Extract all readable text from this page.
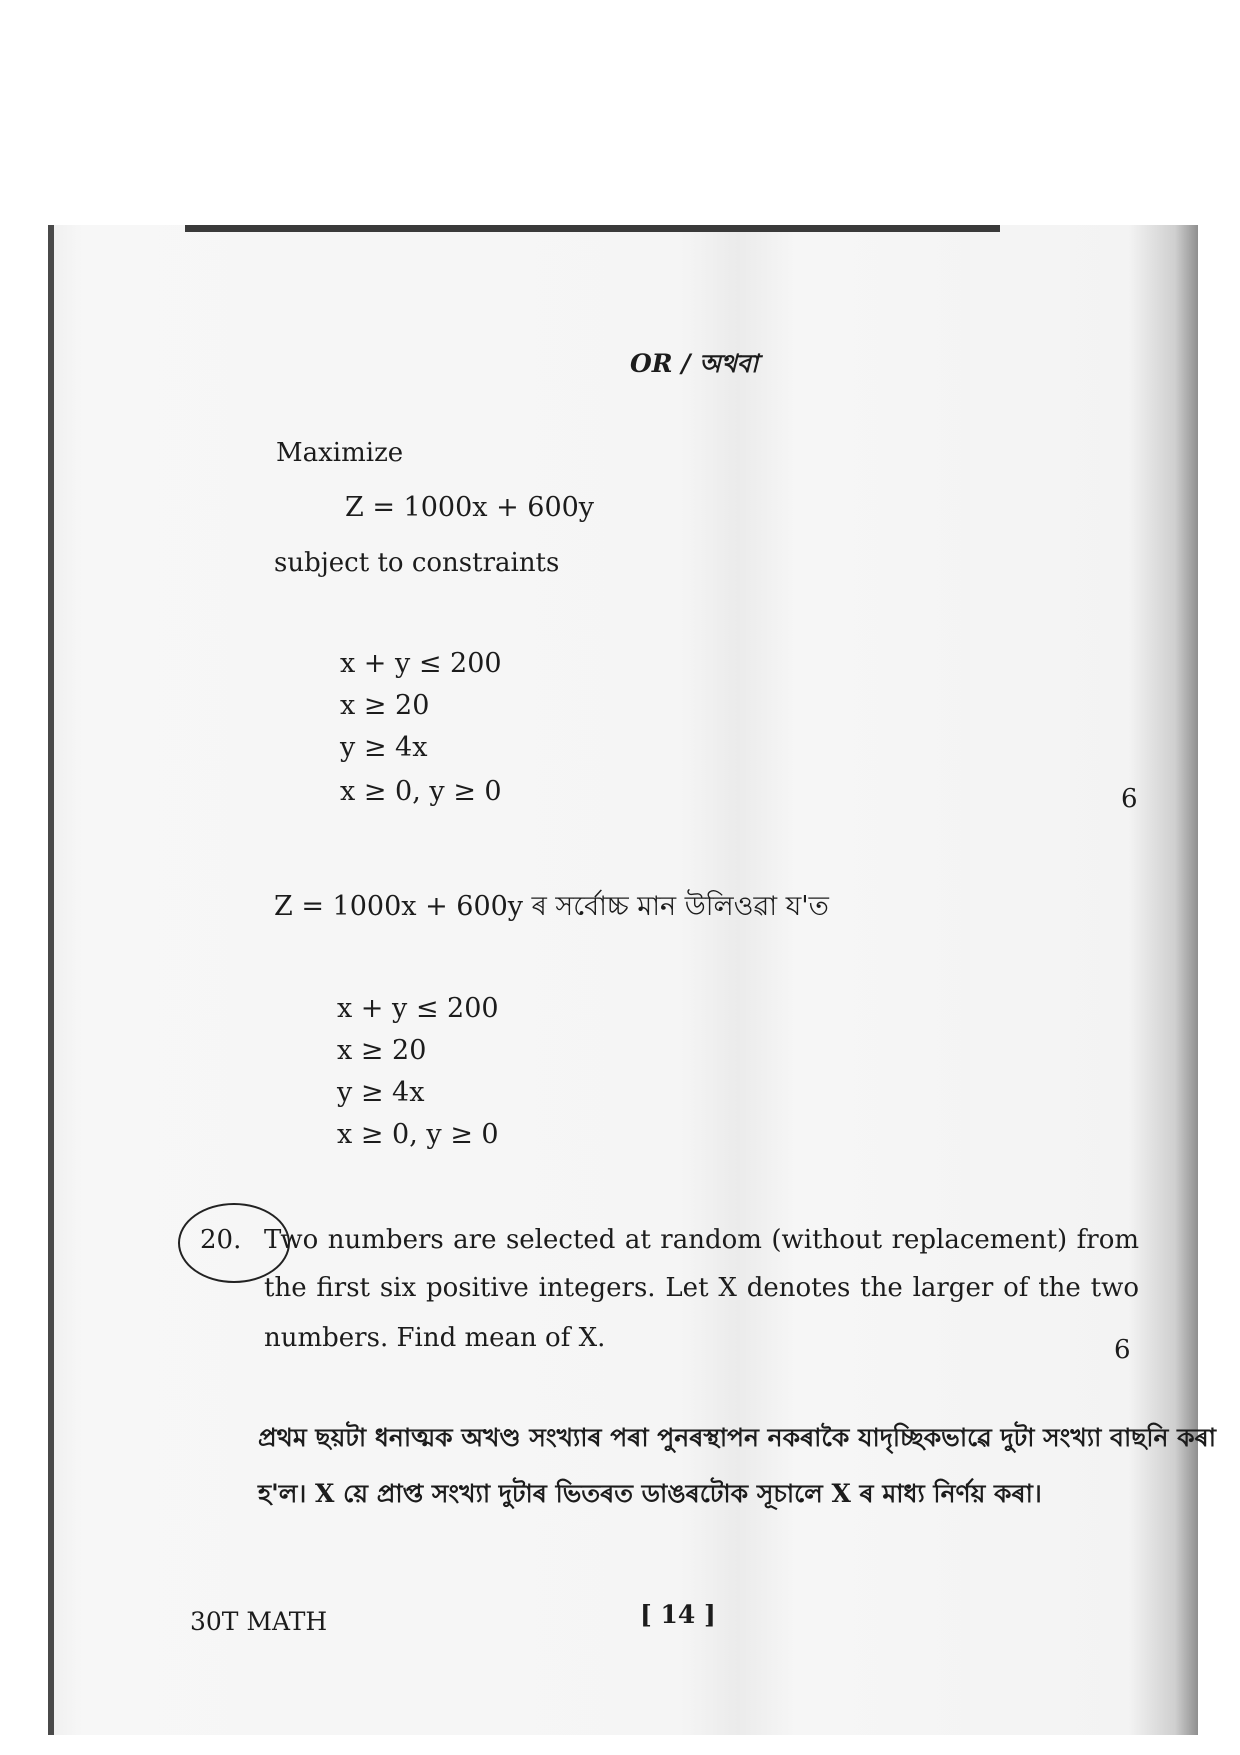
OR / অথবা
Maximize
Z = 1000x + 600y
subject to constraints
x + y ≤ 200
x ≥ 20
y ≥ 4x
x ≥ 0, y ≥ 0	6
Z = 1000x + 600y ৰ সৰ্বোচ্চ মান উলিওৱা য'ত
x + y ≤ 200
x ≥ 20
y ≥ 4x
x ≥ 0, y ≥ 0
20. Two numbers are selected at random (without replacement) from
the first six positive integers. Let X denotes the larger of the two
numbers. Find mean of X.	6
প্ৰথম ছয়টা ধনাত্মক অখণ্ড সংখ্যাৰ পৰা পুনৰস্থাপন নকৰাকৈ যাদৃচ্ছিকভাৱে দুটা সংখ্যা বাছনি কৰা
হ'ল। X য়ে প্ৰাপ্ত সংখ্যা দুটাৰ ভিতৰত ডাঙৰটোক সূচালে X ৰ মাধ্য নিৰ্ণয় কৰা।
30T MATH	[ 14 ]
